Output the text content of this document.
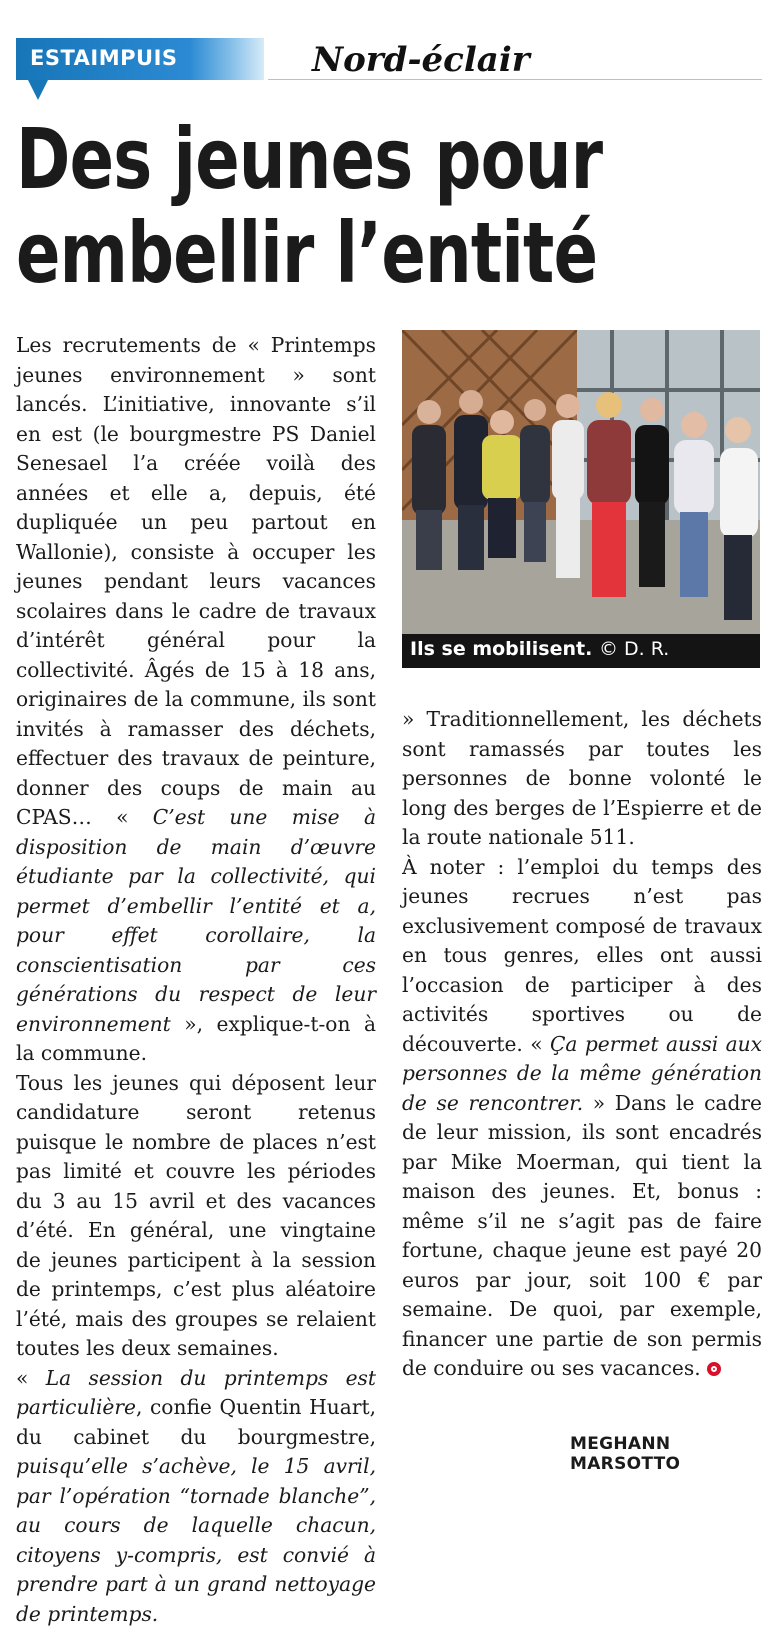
ESTAIMPUIS	Nord-éclair
Des jeunes pour
embellir l’entité

Les recrutements de « Printemps jeunes environnement » sont lancés. L’initiative, innovante s’il en est (le bourgmestre PS Daniel Senesael l’a créée voilà des années et elle a, depuis, été dupliquée un peu partout en Wallonie), consiste à occuper les jeunes pendant leurs vacances scolaires dans le cadre de travaux d’intérêt général pour la collectivité. Âgés de 15 à 18 ans, originaires de la commune, ils sont invités à ramasser des déchets, effectuer des travaux de peinture, donner des coups de main au CPAS… « C’est une mise à disposition de main d’œuvre étudiante par la collectivité, qui permet d’embellir l’entité et a, pour effet corollaire, la conscientisation par ces générations du respect de leur environnement », explique-t-on à la commune.

Tous les jeunes qui déposent leur candidature seront retenus puisque le nombre de places n’est pas limité et couvre les périodes du 3 au 15 avril et des vacances d’été. En général, une vingtaine de jeunes participent à la session de printemps, c’est plus aléatoire l’été, mais des groupes se relaient toutes les deux semaines.

« La session du printemps est particulière, confie Quentin Huart, du cabinet du bourgmestre, puisqu’elle s’achève, le 15 avril, par l’opération “tornade blanche”, au cours de laquelle chacun, citoyens y-compris, est convié à prendre part à un grand nettoyage de printemps.

Ils se mobilisent. © D. R.

» Traditionnellement, les déchets sont ramassés par toutes les personnes de bonne volonté le long des berges de l’Espierre et de la route nationale 511.

À noter : l’emploi du temps des jeunes recrues n’est pas exclusivement composé de travaux en tous genres, elles ont aussi l’occasion de participer à des activités sportives ou de découverte. « Ça permet aussi aux personnes de la même génération de se rencontrer. » Dans le cadre de leur mission, ils sont encadrés par Mike Moerman, qui tient la maison des jeunes. Et, bonus : même s’il ne s’agit pas de faire fortune, chaque jeune est payé 20 euros par jour, soit 100 € par semaine. De quoi, par exemple, financer une partie de son permis de conduire ou ses vacances.

MEGHANN MARSOTTO
